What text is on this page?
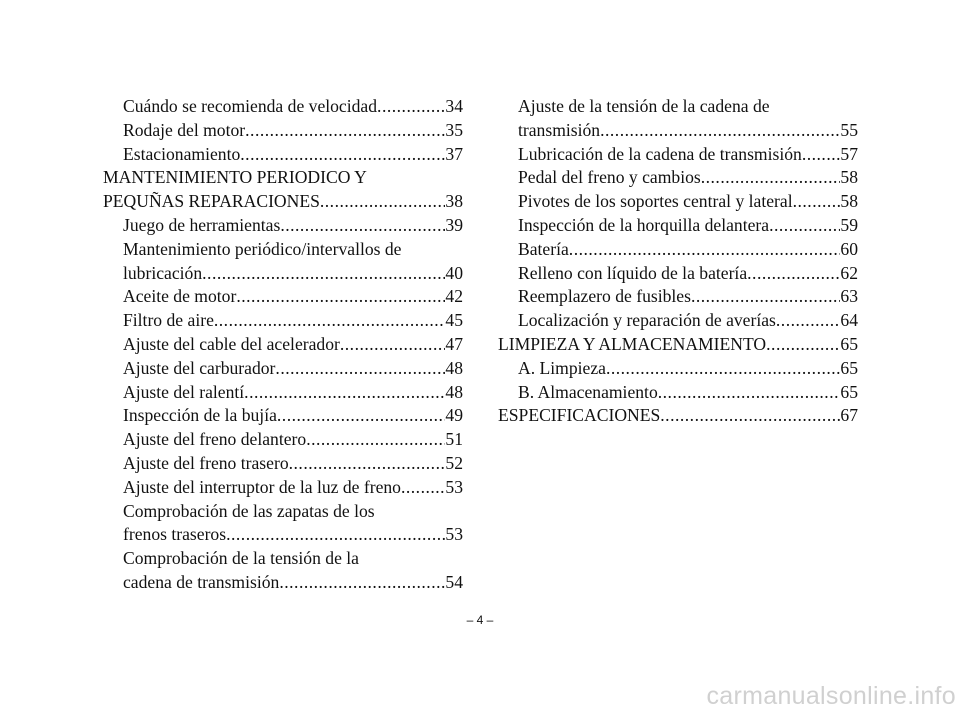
Cuándo se recomienda de velocidad .....	34
Rodaje del motor .....	35
Estacionamiento .....	37
MANTENIMIENTO PERIODICO Y
PEQUÑAS REPARACIONES .....	38
Juego de herramientas .....	39
Mantenimiento periódico/intervallos de
lubricación .....	40
Aceite de motor .....	42
Filtro de aire .....	45
Ajuste del cable del acelerador .....	47
Ajuste del carburador .....	48
Ajuste del ralentí .....	48
Inspección de la bujía .....	49
Ajuste del freno delantero .....	51
Ajuste del freno trasero .....	52
Ajuste del interruptor de la luz de freno .....	53
Comprobación de las zapatas de los
frenos traseros .....	53
Comprobación de la tensión de la
cadena de transmisión .....	54
Ajuste de la tensión de la cadena de
transmisión .....	55
Lubricación de la cadena de transmisión ..... 57
Pedal del freno y cambios .....	58
Pivotes de los soportes central y lateral .....	58
Inspección de la horquilla delantera .....	59
Batería .....	60
Relleno con líquido de la batería .....	62
Reemplazero de fusibles .....	63
Localización y reparación de averías .....	64
LIMPIEZA Y ALMACENAMIENTO .....	65
A. Limpieza .....	65
B. Almacenamiento .....	65
ESPECIFICACIONES .....	67
– 4 –
carmanualsonline.info
